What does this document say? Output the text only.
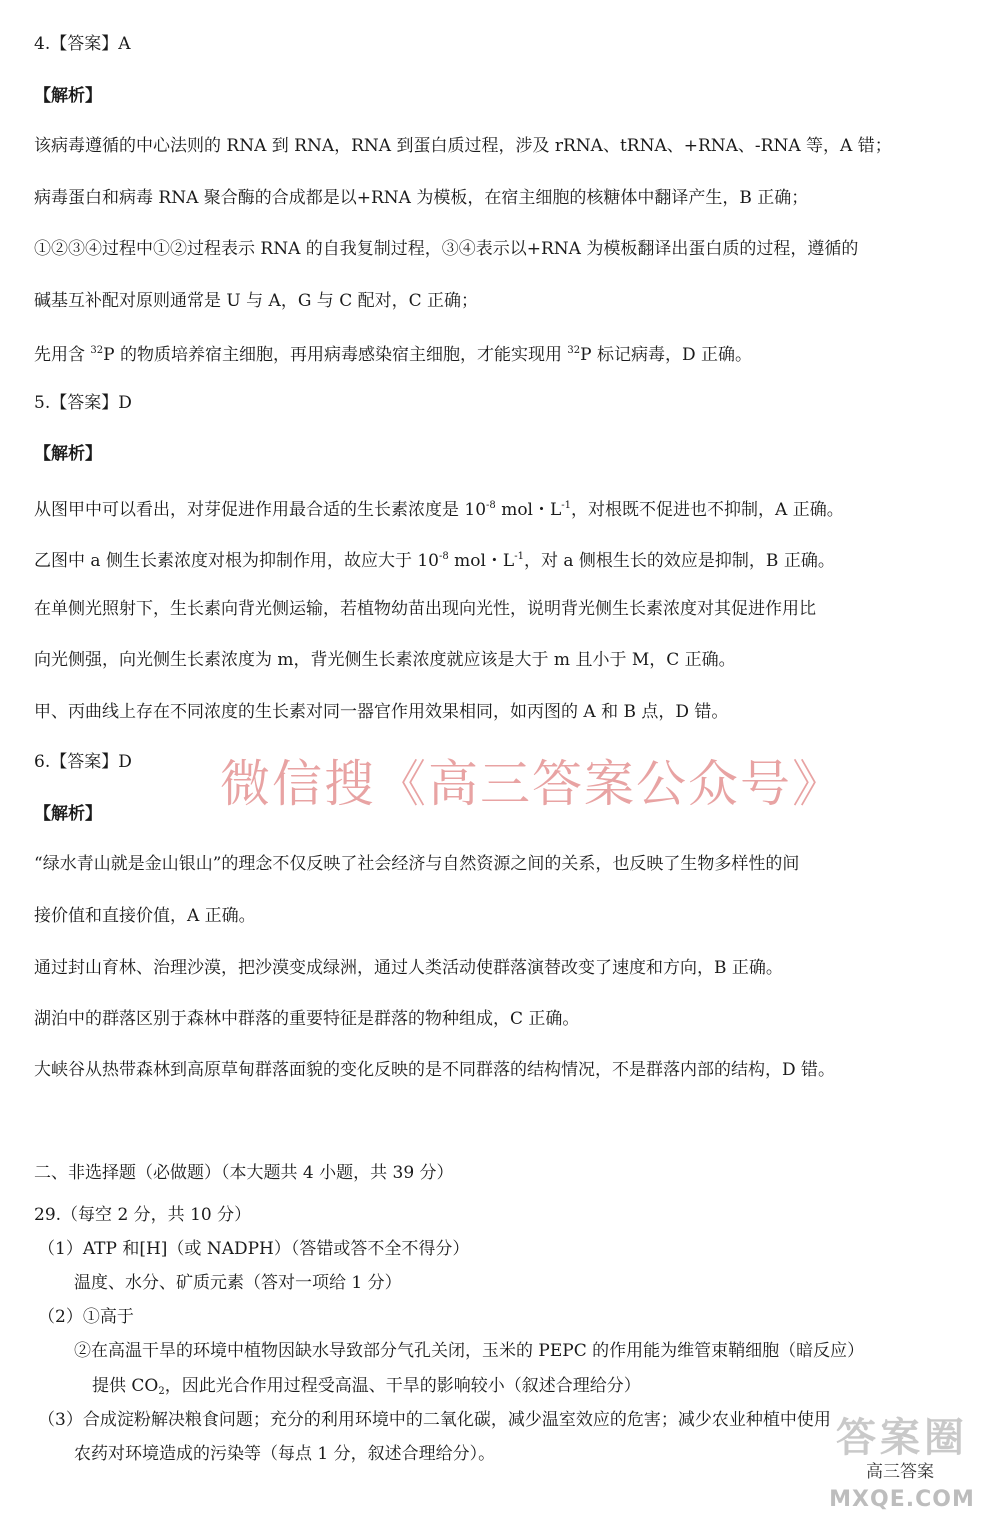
4.【答案】A
【解析】
该病毒遵循的中心法则的 RNA 到 RNA，RNA 到蛋白质过程，涉及 rRNA、tRNA、+RNA、-RNA 等，A 错；
病毒蛋白和病毒 RNA 聚合酶的合成都是以+RNA 为模板，在宿主细胞的核糖体中翻译产生，B 正确；
①②③④过程中①②过程表示 RNA 的自我复制过程，③④表示以+RNA 为模板翻译出蛋白质的过程，遵循的
碱基互补配对原则通常是 U 与 A，G 与 C 配对，C 正确；
先用含 $^{32}$P 的物质培养宿主细胞，再用病毒感染宿主细胞，才能实现用 $^{32}$P 标记病毒，D 正确。
5.【答案】D
【解析】
从图甲中可以看出，对芽促进作用最合适的生长素浓度是 $10^{-8}$ mol・$L^{-1}$，对根既不促进也不抑制，A 正确。
乙图中 a 侧生长素浓度对根为抑制作用，故应大于 $10^{-8}$ mol・$L^{-1}$，对 a 侧根生长的效应是抑制，B 正确。
在单侧光照射下，生长素向背光侧运输，若植物幼苗出现向光性，说明背光侧生长素浓度对其促进作用比
向光侧强，向光侧生长素浓度为 m，背光侧生长素浓度就应该是大于 m 且小于 M，C 正确。
甲、丙曲线上存在不同浓度的生长素对同一器官作用效果相同，如丙图的 A 和 B 点，D 错。
6.【答案】D 微信搜《高三答案公众号》
【解析】
“绿水青山就是金山银山”的理念不仅反映了社会经济与自然资源之间的关系，也反映了生物多样性的间
接价值和直接价值，A 正确。
通过封山育林、治理沙漠，把沙漠变成绿洲，通过人类活动使群落演替改变了速度和方向，B 正确。
湖泊中的群落区别于森林中群落的重要特征是群落的物种组成，C 正确。
大峡谷从热带森林到高原草甸群落面貌的变化反映的是不同群落的结构情况，不是群落内部的结构，D 错。
二、非选择题（必做题）（本大题共 4 小题，共 39 分）
29.（每空 2 分，共 10 分）
（1）ATP 和[H]（或 NADPH）（答错或答不全不得分）
温度、水分、矿质元素（答对一项给 1 分）
（2）①高于
②在高温干旱的环境中植物因缺水导致部分气孔关闭，玉米的 PEPC 的作用能为维管束鞘细胞（暗反应）
提供 $CO_2$，因此光合作用过程受高温、干旱的影响较小（叙述合理给分）
（3）合成淀粉解决粮食问题；充分的利用环境中的二氧化碳，减少温室效应的危害；减少农业种植中使用
农药对环境造成的污染等（每点 1 分，叙述合理给分）。	答案圈
高三答案
MXQE.COM
